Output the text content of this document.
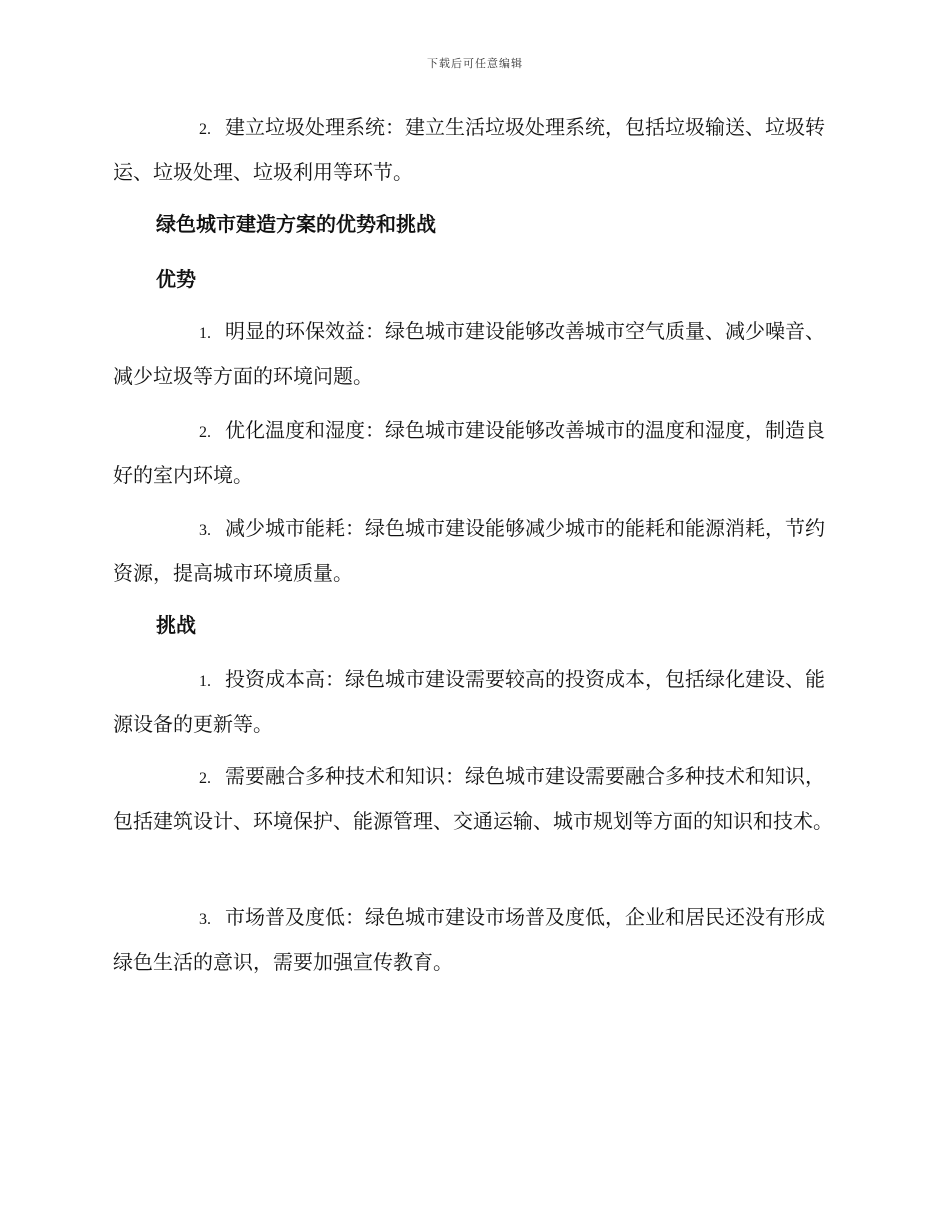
下载后可任意编辑

2. 建立垃圾处理系统：建立生活垃圾处理系统，包括垃圾输送、垃圾转运、垃圾处理、垃圾利用等环节。

绿色城市建造方案的优势和挑战
优势

1. 明显的环保效益：绿色城市建设能够改善城市空气质量、减少噪音、减少垃圾等方面的环境问题。

2. 优化温度和湿度：绿色城市建设能够改善城市的温度和湿度，制造良好的室内环境。

3. 减少城市能耗：绿色城市建设能够减少城市的能耗和能源消耗，节约资源，提高城市环境质量。

挑战

1. 投资成本高：绿色城市建设需要较高的投资成本，包括绿化建设、能源设备的更新等。

2. 需要融合多种技术和知识：绿色城市建设需要融合多种技术和知识，包括建筑设计、环境保护、能源管理、交通运输、城市规划等方面的知识和技术。

3. 市场普及度低：绿色城市建设市场普及度低，企业和居民还没有形成绿色生活的意识，需要加强宣传教育。
